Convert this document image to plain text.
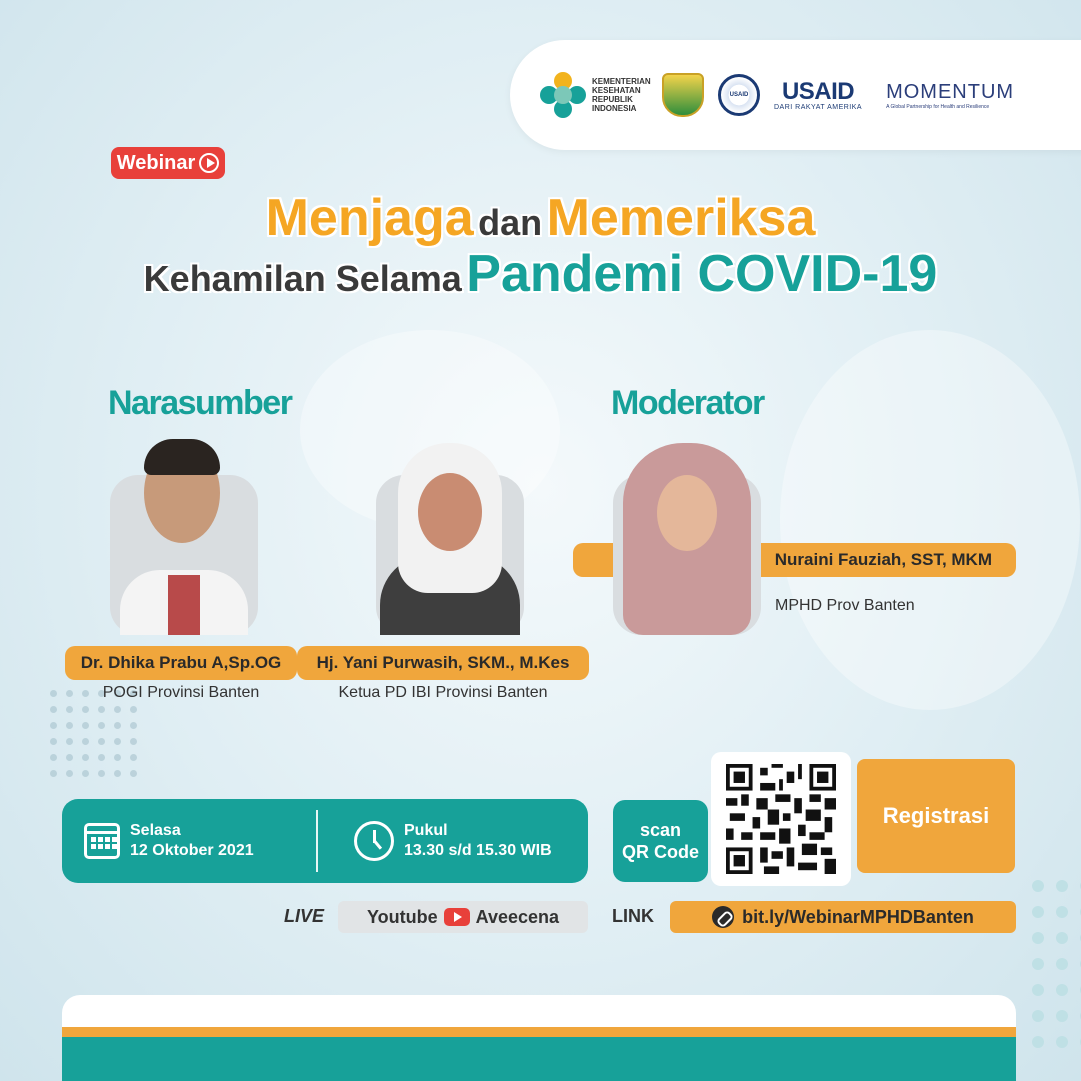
KEMENTERIAN KESEHATAN REPUBLIK INDONESIA
USAID	USAID
DARI RAKYAT AMERIKA
MOMENTUM
A Global Partnership for Health and Resilience
Webinar
Menjaga dan Memeriksa
Kehamilan Selama Pandemi COVID-19
Narasumber	Moderator
Dr. Dhika Prabu A,Sp.OG
POGI Provinsi Banten
Hj. Yani Purwasih, SKM., M.Kes
Ketua PD IBI Provinsi Banten
Nuraini Fauziah, SST, MKM
MPHD Prov Banten
Selasa
12 Oktober 2021
Pukul
13.30 s/d 15.30 WIB
scan
QR Code
Registrasi
LIVE Youtube Aveecena	LINK	bit.ly/WebinarMPHDBanten
